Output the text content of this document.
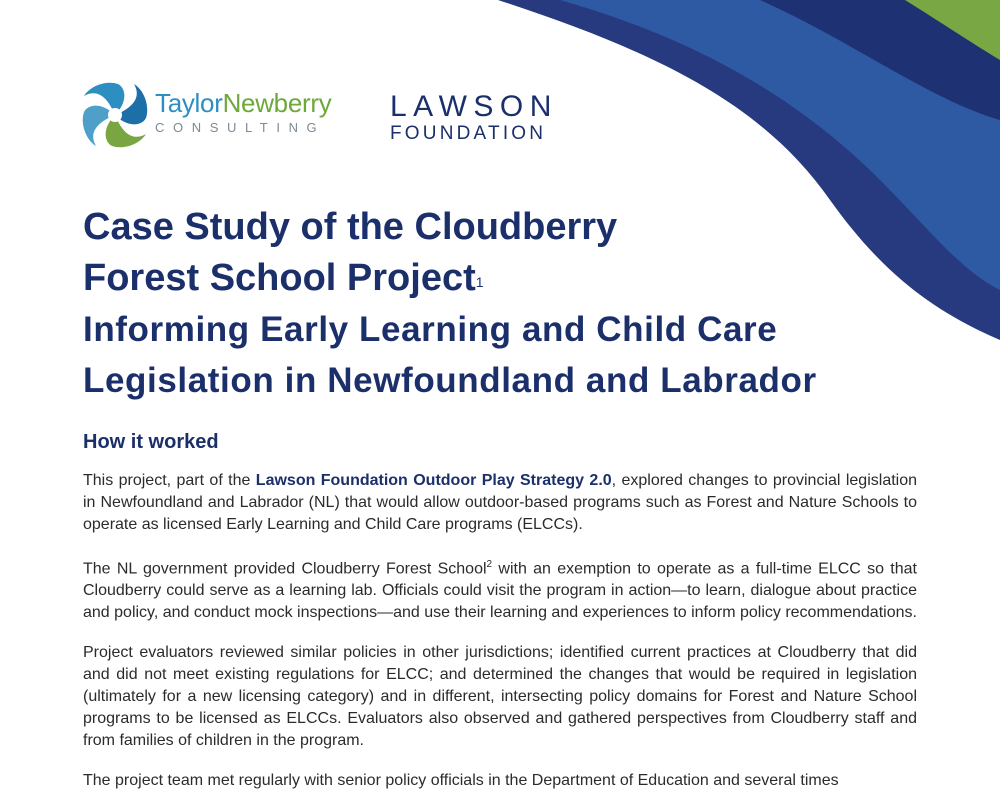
TaylorNewberry
CONSULTING
LAWSON
FOUNDATION
Case Study of the Cloudberry
Forest School Project$^1$
Informing Early Learning and Child Care
Legislation in Newfoundland and Labrador
How it worked

This project, part of the Lawson Foundation Outdoor Play Strategy 2.0, explored changes to provincial legislation in Newfoundland and Labrador (NL) that would allow outdoor-based programs such as Forest and Nature Schools to operate as licensed Early Learning and Child Care programs (ELCCs).

The NL government provided Cloudberry Forest School$^2$ with an exemption to operate as a full-time ELCC so that Cloudberry could serve as a learning lab. Officials could visit the program in action—to learn, dialogue about practice and policy, and conduct mock inspections—and use their learning and experiences to inform policy recommendations.

Project evaluators reviewed similar policies in other jurisdictions; identified current practices at Cloudberry that did and did not meet existing regulations for ELCC; and determined the changes that would be required in legislation (ultimately for a new licensing category) and in different, intersecting policy domains for Forest and Nature School programs to be licensed as ELCCs. Evaluators also observed and gathered perspectives from Cloudberry staff and from families of children in the program.

The project team met regularly with senior policy officials in the Department of Education and several times
